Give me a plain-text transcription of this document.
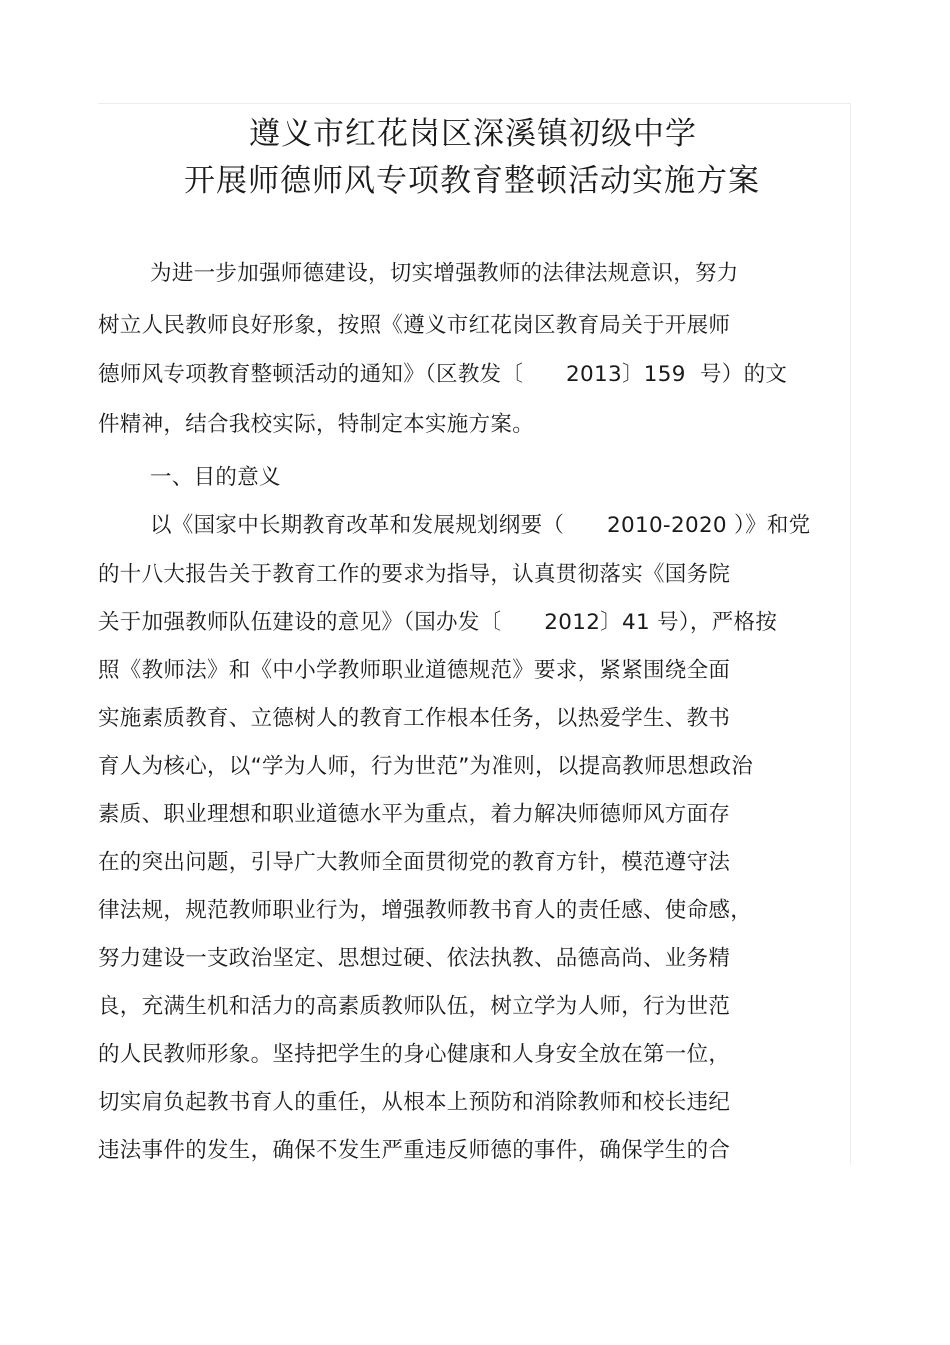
遵义市红花岗区深溪镇初级中学
开展师德师风专项教育整顿活动实施方案
为进一步加强师德建设，切实增强教师的法律法规意识，努力
树立人民教师良好形象，按照《遵义市红花岗区教育局关于开展师
德师风专项教育整顿活动的通知》（区教发〔      2013〕159  号）的文
件精神，结合我校实际，特制定本实施方案。
一、目的意义
以《国家中长期教育改革和发展规划纲要（      2010-2020 ）》和党
的十八大报告关于教育工作的要求为指导，认真贯彻落实《国务院
关于加强教师队伍建设的意见》（国办发〔      2012〕41 号），严格按
照《教师法》和《中小学教师职业道德规范》要求，紧紧围绕全面
实施素质教育、立德树人的教育工作根本任务，以热爱学生、教书
育人为核心，以“学为人师，行为世范”为准则，以提高教师思想政治
素质、职业理想和职业道德水平为重点，着力解决师德师风方面存
在的突出问题，引导广大教师全面贯彻党的教育方针，模范遵守法
律法规，规范教师职业行为，增强教师教书育人的责任感、使命感，
努力建设一支政治坚定、思想过硬、依法执教、品德高尚、业务精
良，充满生机和活力的高素质教师队伍，树立学为人师，行为世范
的人民教师形象。坚持把学生的身心健康和人身安全放在第一位，
切实肩负起教书育人的重任，从根本上预防和消除教师和校长违纪
违法事件的发生，确保不发生严重违反师德的事件，确保学生的合
